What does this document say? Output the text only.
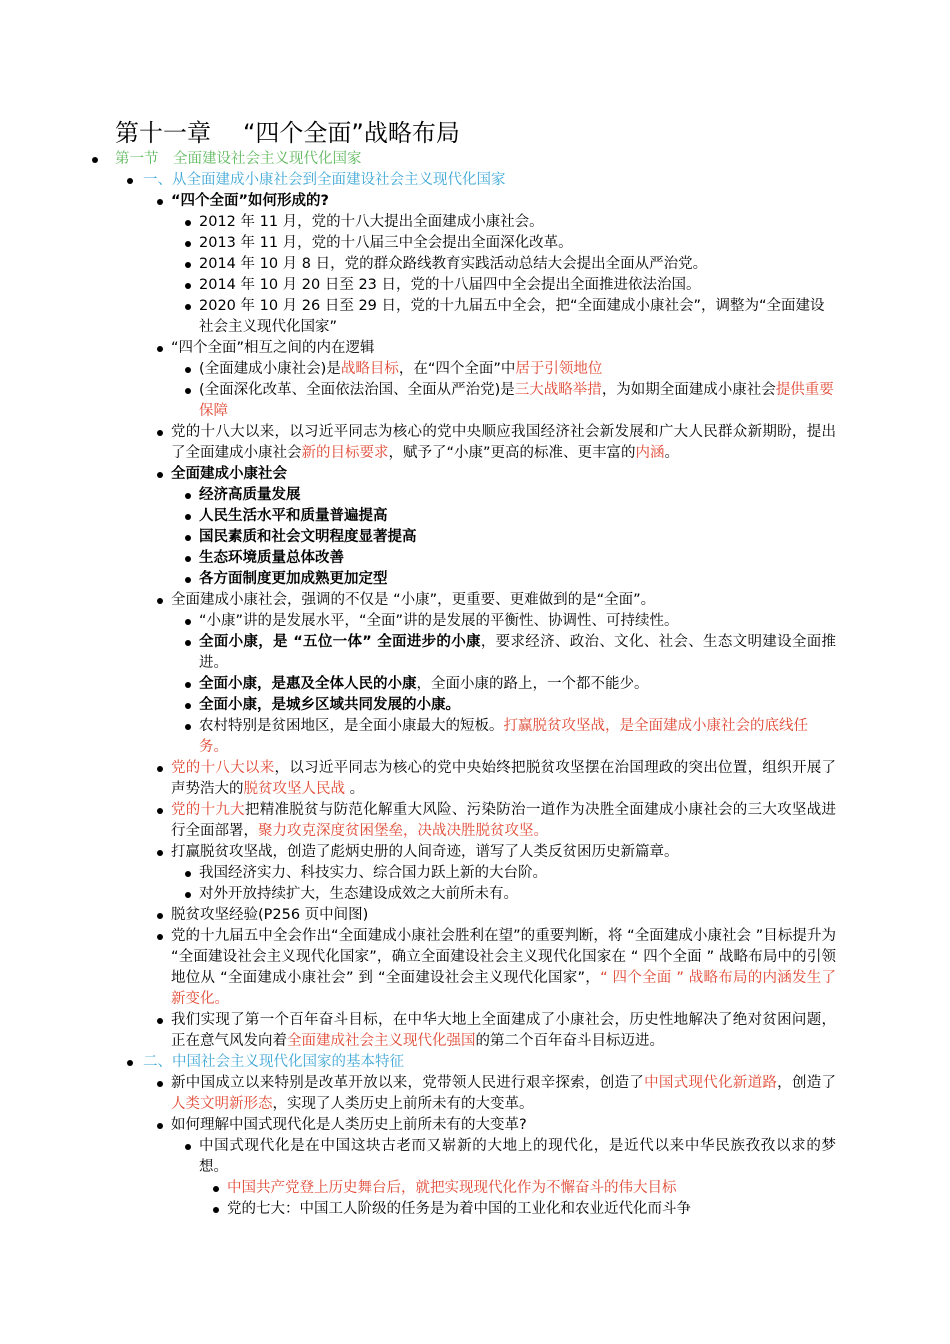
第十一章 “四个全面”战略布局
第一节　全面建设社会主义现代化国家
一、从全面建成小康社会到全面建设社会主义现代化国家
“四个全面”如何形成的?
2012 年 11 月，党的十八大提出全面建成小康社会。
2013 年 11 月，党的十八届三中全会提出全面深化改革。
2014 年 10 月 8 日，党的群众路线教育实践活动总结大会提出全面从严治党。
2014 年 10 月 20 日至 23 日，党的十八届四中全会提出全面推进依法治国。
2020 年 10 月 26 日至 29 日，党的十九届五中全会，把“全面建成小康社会”，调整为“全面建设社会主义现代化国家”
“四个全面”相互之间的内在逻辑
(全面建成小康社会)是战略目标，在“四个全面”中居于引领地位
(全面深化改革、全面依法治国、全面从严治党)是三大战略举措，为如期全面建成小康社会提供重要保障
党的十八大以来，以习近平同志为核心的党中央顺应我国经济社会新发展和广大人民群众新期盼，提出了全面建成小康社会新的目标要求，赋予了“小康”更高的标准、更丰富的内涵。
全面建成小康社会
经济高质量发展
人民生活水平和质量普遍提高
国民素质和社会文明程度显著提高
生态环境质量总体改善
各方面制度更加成熟更加定型
全面建成小康社会，强调的不仅是 “小康”，更重要、更难做到的是“全面”。
“小康”讲的是发展水平，“全面”讲的是发展的平衡性、协调性、可持续性。
全面小康，是 “五位一体” 全面进步的小康，要求经济、政治、文化、社会、生态文明建设全面推进。
全面小康，是惠及全体人民的小康，全面小康的路上，一个都不能少。
全面小康，是城乡区域共同发展的小康。
农村特别是贫困地区，是全面小康最大的短板。打赢脱贫攻坚战，是全面建成小康社会的底线任务。
党的十八大以来，以习近平同志为核心的党中央始终把脱贫攻坚摆在治国理政的突出位置，组织开展了声势浩大的脱贫攻坚人民战 。
党的十九大把精准脱贫与防范化解重大风险、污染防治一道作为决胜全面建成小康社会的三大攻坚战进行全面部署，聚力攻克深度贫困堡垒，决战决胜脱贫攻坚。
打赢脱贫攻坚战，创造了彪炳史册的人间奇迹，谱写了人类反贫困历史新篇章。
我国经济实力、科技实力、综合国力跃上新的大台阶。
对外开放持续扩大，生态建设成效之大前所未有。
脱贫攻坚经验(P256 页中间图)
党的十九届五中全会作出“全面建成小康社会胜利在望”的重要判断，将 “全面建成小康社会 ”目标提升为 “全面建设社会主义现代化国家”，确立全面建设社会主义现代化国家在 “ 四个全面 ” 战略布局中的引领地位从 “全面建成小康社会” 到 “全面建设社会主义现代化国家”，“ 四个全面 ” 战略布局的内涵发生了新变化。
我们实现了第一个百年奋斗目标，在中华大地上全面建成了小康社会，历史性地解决了绝对贫困问题，正在意气风发向着全面建成社会主义现代化强国的第二个百年奋斗目标迈进。
二、中国社会主义现代化国家的基本特征
新中国成立以来特别是改革开放以来，党带领人民进行艰辛探索，创造了中国式现代化新道路，创造了人类文明新形态，实现了人类历史上前所未有的大变革。
如何理解中国式现代化是人类历史上前所未有的大变革?
中国式现代化是在中国这块古老而又崭新的大地上的现代化，是近代以来中华民族孜孜以求的梦想。
中国共产党登上历史舞台后，就把实现现代化作为不懈奋斗的伟大目标
党的七大：中国工人阶级的任务是为着中国的工业化和农业近代化而斗争
